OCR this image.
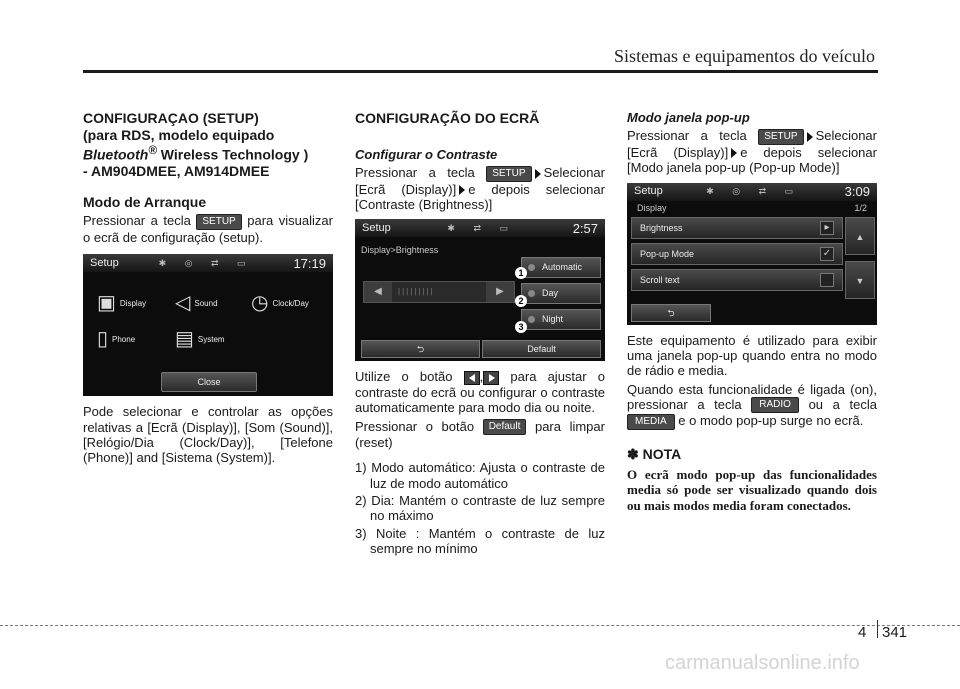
Sistemas e equipamentos do veículo
CONFIGURAÇAO (SETUP)
(para RDS, modelo equipado
Bluetooth® Wireless Technology )
- AM904DMEE, AM914DMEE
Modo de Arranque

Pressionar a tecla SETUP para visualizar o ecrã de configuração (setup).

Setup	✱ ◎ ⇄ ▭	17:19
▣ Display ◁ Sound ◷ Clock/Day
▯ Phone ▤ System
Close

Pode selecionar e controlar as opções relativas a [Ecrã (Display)], [Som (Sound)], [Relógio/Dia (Clock/Day)], [Telefone (Phone)] and [Sistema (System)].

CONFIGURAÇÃO DO ECRÃ
Configurar o Contraste

Pressionar a tecla SETUP Selecionar [Ecrã (Display)] e depois selecionar [Contraste (Brightness)]

Setup	✱ ⇄ ▭	2:57
Display>Brightness
◀	|||||||||	▶
Automatic
Day
Night
1
2
3
⮌	Default

Utilize o botão , para ajustar o contraste do ecrã ou configurar o contraste automaticamente para modo dia ou noite.

Pressionar o botão Default para limpar (reset)

1) Modo automático: Ajusta o contraste de luz de modo automático
2) Dia: Mantém o contraste de luz sempre no máximo
3) Noite : Mantém o contraste de luz sempre no mínimo
Modo janela pop-up

Pressionar a tecla SETUP Selecionar [Ecrã (Display)] e depois selecionar [Modo janela pop-up (Pop-up Mode)]

Setup	✱ ◎ ⇄ ▭	3:09
Display	1/2
Brightness	▸
Pop-up Mode	✓
Scroll text
▲
▼
⮌

Este equipamento é utilizado para exibir uma janela pop-up quando entra no modo de rádio e media.

Quando esta funcionalidade é ligada (on), pressionar a tecla RADIO ou a tecla MEDIA e o modo pop-up surge no ecrã.

✽ NOTA

O ecrã modo pop-up das funcionalidades media só pode ser visualizado quando dois ou mais modos media foram conectados.

4 341
carmanualsonline.info
